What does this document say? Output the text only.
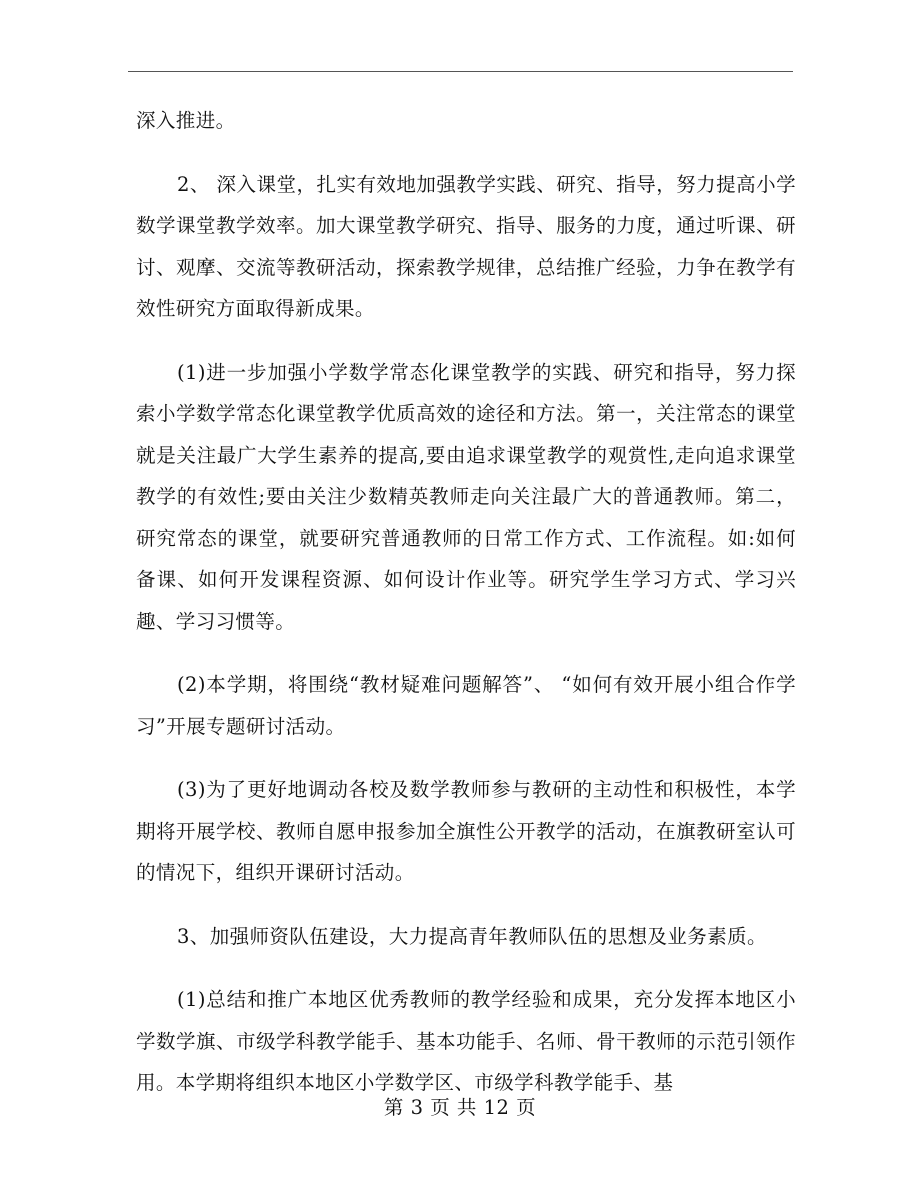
深入推进。

2、 深入课堂，扎实有效地加强教学实践、研究、指导，努力提高小学数学课堂教学效率。加大课堂教学研究、指导、服务的力度，通过听课、研讨、观摩、交流等教研活动，探索教学规律，总结推广经验，力争在教学有效性研究方面取得新成果。

(1)进一步加强小学数学常态化课堂教学的实践、研究和指导，努力探索小学数学常态化课堂教学优质高效的途径和方法。第一，关注常态的课堂就是关注最广大学生素养的提高,要由追求课堂教学的观赏性,走向追求课堂教学的有效性;要由关注少数精英教师走向关注最广大的普通教师。第二，研究常态的课堂，就要研究普通教师的日常工作方式、工作流程。如:如何备课、如何开发课程资源、如何设计作业等。研究学生学习方式、学习兴趣、学习习惯等。

(2)本学期，将围绕“教材疑难问题解答”、 “如何有效开展小组合作学习”开展专题研讨活动。

(3)为了更好地调动各校及数学教师参与教研的主动性和积极性，本学期将开展学校、教师自愿申报参加全旗性公开教学的活动，在旗教研室认可的情况下，组织开课研讨活动。

3、加强师资队伍建设，大力提高青年教师队伍的思想及业务素质。

(1)总结和推广本地区优秀教师的教学经验和成果，充分发挥本地区小学数学旗、市级学科教学能手、基本功能手、名师、骨干教师的示范引领作用。本学期将组织本地区小学数学区、市级学科教学能手、基

第 3 页 共 12 页
